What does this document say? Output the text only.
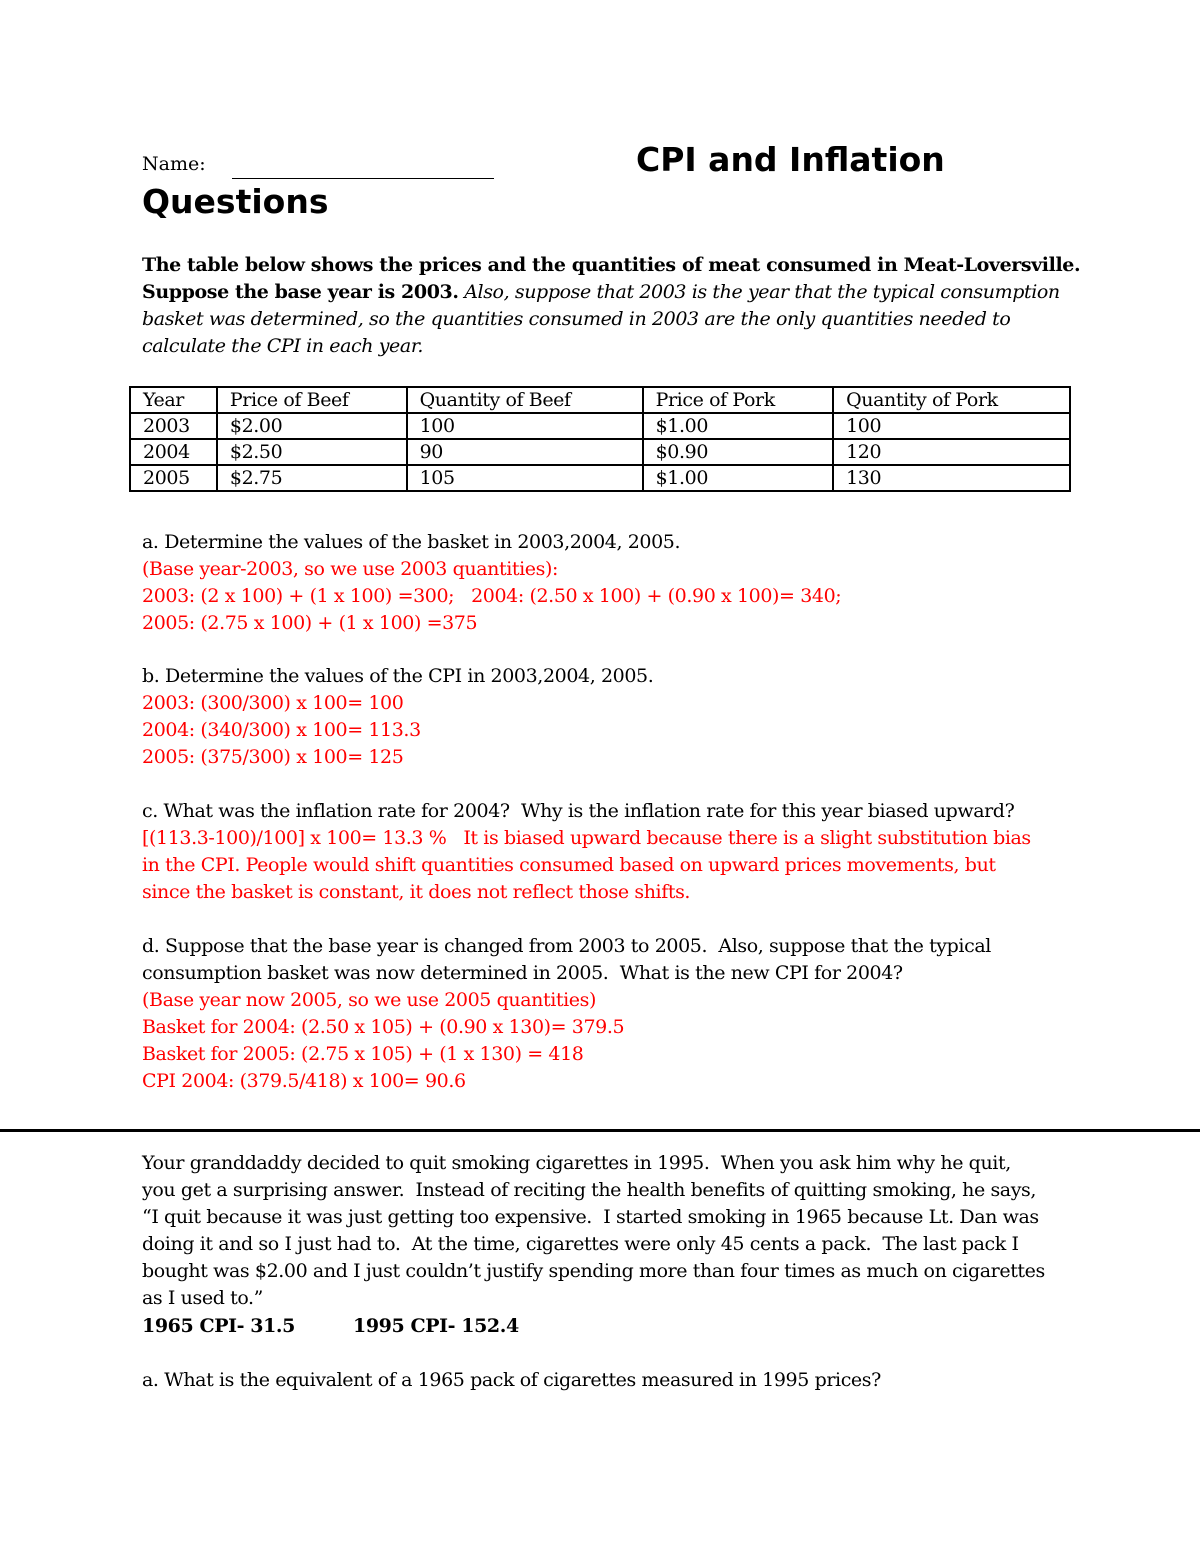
Name:	CPI and Inflation
Questions
The table below shows the prices and the quantities of meat consumed in Meat-Loversville. Suppose the base year is 2003. Also, suppose that 2003 is the year that the typical consumption basket was determined, so the quantities consumed in 2003 are the only quantities needed to calculate the CPI in each year.
Year	Price of Beef	Quantity of Beef	Price of Pork	Quantity of Pork
2003	$2.00	100	$1.00	100
2004	$2.50	90	$0.90	120
2005	$2.75	105	$1.00	130
a. Determine the values of the basket in 2003,2004, 2005.
(Base year-2003, so we use 2003 quantities):
2003: (2 x 100) + (1 x 100) =300;   2004: (2.50 x 100) + (0.90 x 100)= 340;
2005: (2.75 x 100) + (1 x 100) =375
b. Determine the values of the CPI in 2003,2004, 2005.
2003: (300/300) x 100= 100
2004: (340/300) x 100= 113.3
2005: (375/300) x 100= 125
c. What was the inflation rate for 2004?  Why is the inflation rate for this year biased upward?
[(113.3-100)/100] x 100= 13.3 %   It is biased upward because there is a slight substitution bias
in the CPI. People would shift quantities consumed based on upward prices movements, but
since the basket is constant, it does not reflect those shifts.
d. Suppose that the base year is changed from 2003 to 2005.  Also, suppose that the typical
consumption basket was now determined in 2005.  What is the new CPI for 2004?
(Base year now 2005, so we use 2005 quantities)
Basket for 2004: (2.50 x 105) + (0.90 x 130)= 379.5
Basket for 2005: (2.75 x 105) + (1 x 130) = 418
CPI 2004: (379.5/418) x 100= 90.6
Your granddaddy decided to quit smoking cigarettes in 1995.  When you ask him why he quit,
you get a surprising answer.  Instead of reciting the health benefits of quitting smoking, he says,
“I quit because it was just getting too expensive.  I started smoking in 1965 because Lt. Dan was
doing it and so I just had to.  At the time, cigarettes were only 45 cents a pack.  The last pack I
bought was $2.00 and I just couldn’t justify spending more than four times as much on cigarettes
as I used to.”
1965 CPI- 31.5	1995 CPI- 152.4
a. What is the equivalent of a 1965 pack of cigarettes measured in 1995 prices?
